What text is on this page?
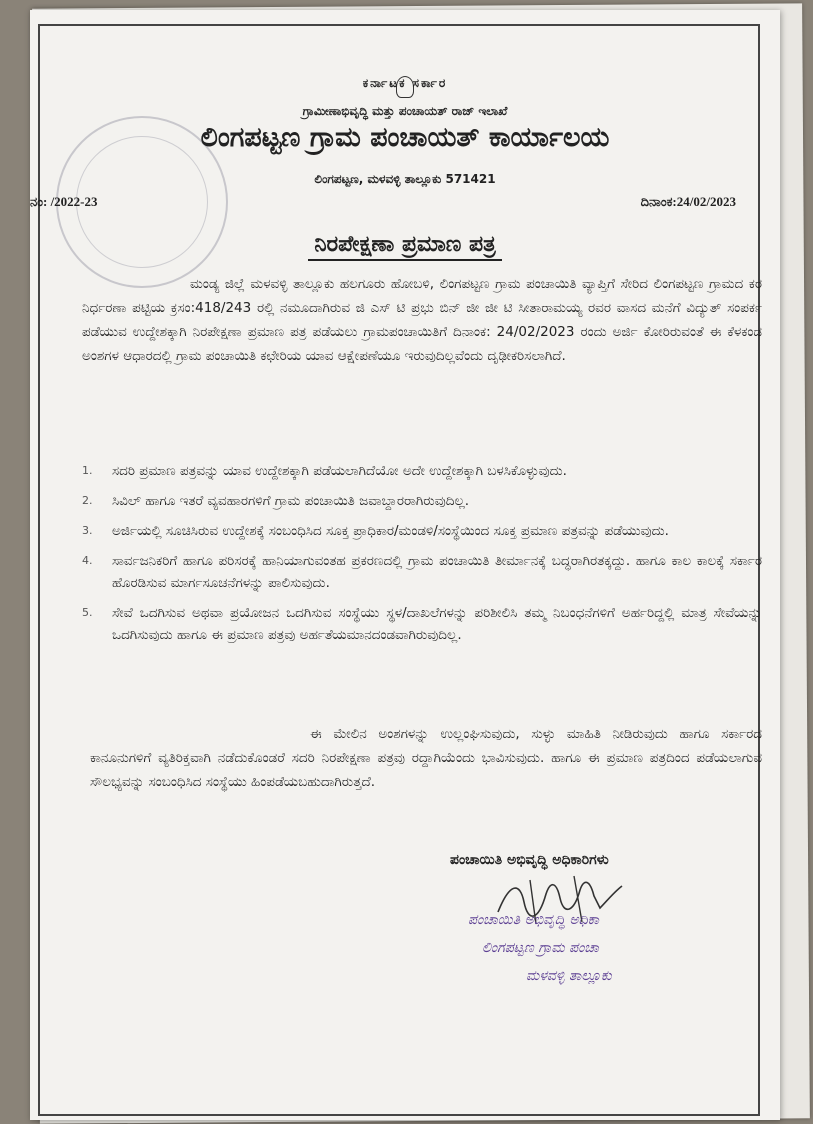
ಕರ್ನಾಟಕ ಸರ್ಕಾರ
ಗ್ರಾಮೀಣಾಭಿವೃದ್ಧಿ ಮತ್ತು ಪಂಚಾಯತ್ ರಾಜ್ ಇಲಾಖೆ
ಲಿಂಗಪಟ್ಟಣ ಗ್ರಾಮ ಪಂಚಾಯತ್ ಕಾರ್ಯಾಲಯ
ಲಿಂಗಪಟ್ಟಣ, ಮಳವಳ್ಳಿ ತಾಲ್ಲೂಕು 571421
ನಂ: /2022-23	ದಿನಾಂಕ:24/02/2023
ನಿರಪೇಕ್ಷಣಾ ಪ್ರಮಾಣ ಪತ್ರ
ಮಂಡ್ಯ ಜಿಲ್ಲೆ ಮಳವಳ್ಳಿ ತಾಲ್ಲೂಕು ಹಲಗೂರು ಹೋಬಳಿ, ಲಿಂಗಪಟ್ಟಣ ಗ್ರಾಮ ಪಂಚಾಯಿತಿ ವ್ಯಾಪ್ತಿಗೆ ಸೇರಿದ ಲಿಂಗಪಟ್ಟಣ ಗ್ರಾಮದ ಕರ ನಿರ್ಧರಣಾ ಪಟ್ಟಿಯ ಕ್ರಸಂ:418/243 ರಲ್ಲಿ ನಮೂದಾಗಿರುವ ಜಿ ಎಸ್ ಟಿ ಪ್ರಭು ಬಿನ್ ಜೀ ಜೀ ಟಿ ಸೀತಾರಾಮಯ್ಯ ರವರ ವಾಸದ ಮನೆಗೆ ವಿದ್ಯುತ್ ಸಂಪರ್ಕ ಪಡೆಯುವ ಉದ್ದೇಶಕ್ಕಾಗಿ ನಿರಪೇಕ್ಷಣಾ ಪ್ರಮಾಣ ಪತ್ರ ಪಡೆಯಲು ಗ್ರಾಮಪಂಚಾಯಿತಿಗೆ ದಿನಾಂಕ: 24/02/2023 ರಂದು ಅರ್ಜಿ ಕೋರಿರುವಂತೆ ಈ ಕೆಳಕಂಡ ಅಂಶಗಳ ಆಧಾರದಲ್ಲಿ ಗ್ರಾಮ ಪಂಚಾಯಿತಿ ಕಛೇರಿಯ ಯಾವ ಆಕ್ಷೇಪಣೆಯೂ ಇರುವುದಿಲ್ಲವೆಂದು ದೃಢೀಕರಿಸಲಾಗಿದೆ.
1. ಸದರಿ ಪ್ರಮಾಣ ಪತ್ರವನ್ನು ಯಾವ ಉದ್ದೇಶಕ್ಕಾಗಿ ಪಡೆಯಲಾಗಿದೆಯೋ ಅದೇ ಉದ್ದೇಶಕ್ಕಾಗಿ ಬಳಸಿಕೊಳ್ಳುವುದು.
2. ಸಿವಿಲ್ ಹಾಗೂ ಇತರೆ ವ್ಯವಹಾರಗಳಿಗೆ ಗ್ರಾಮ ಪಂಚಾಯಿತಿ ಜವಾಬ್ದಾರರಾಗಿರುವುದಿಲ್ಲ.
3. ಅರ್ಜಿಯಲ್ಲಿ ಸೂಚಿಸಿರುವ ಉದ್ದೇಶಕ್ಕೆ ಸಂಬಂಧಿಸಿದ ಸೂಕ್ತ ಪ್ರಾಧಿಕಾರ/ಮಂಡಳಿ/ಸಂಸ್ಥೆಯಿಂದ ಸೂಕ್ತ ಪ್ರಮಾಣ ಪತ್ರವನ್ನು ಪಡೆಯುವುದು.
4. ಸಾರ್ವಜನಿಕರಿಗೆ ಹಾಗೂ ಪರಿಸರಕ್ಕೆ ಹಾನಿಯಾಗುವಂತಹ ಪ್ರಕರಣದಲ್ಲಿ ಗ್ರಾಮ ಪಂಚಾಯಿತಿ ತೀರ್ಮಾನಕ್ಕೆ ಬದ್ಧರಾಗಿರತಕ್ಕದ್ದು. ಹಾಗೂ ಕಾಲ ಕಾಲಕ್ಕೆ ಸರ್ಕಾರ ಹೊರಡಿಸುವ ಮಾರ್ಗಸೂಚನೆಗಳನ್ನು ಪಾಲಿಸುವುದು.
5. ಸೇವೆ ಒದಗಿಸುವ ಅಥವಾ ಪ್ರಯೋಜನ ಒದಗಿಸುವ ಸಂಸ್ಥೆಯು ಸ್ಥಳ/ದಾಖಲೆಗಳನ್ನು ಪರಿಶೀಲಿಸಿ ತಮ್ಮ ನಿಬಂಧನೆಗಳಿಗೆ ಅರ್ಹರಿದ್ದಲ್ಲಿ ಮಾತ್ರ ಸೇವೆಯನ್ನು ಒದಗಿಸುವುದು ಹಾಗೂ ಈ ಪ್ರಮಾಣ ಪತ್ರವು ಅರ್ಹತೆಯಮಾನದಂಡವಾಗಿರುವುದಿಲ್ಲ.
ಈ ಮೇಲಿನ ಅಂಶಗಳನ್ನು ಉಲ್ಲಂಘಿಸುವುದು, ಸುಳ್ಳು ಮಾಹಿತಿ ನೀಡಿರುವುದು ಹಾಗೂ ಸರ್ಕಾರದ ಕಾನೂನುಗಳಿಗೆ ವ್ಯತಿರಿಕ್ತವಾಗಿ ನಡೆದುಕೊಂಡರೆ ಸದರಿ ನಿರಪೇಕ್ಷಣಾ ಪತ್ರವು ರದ್ದಾಗಿಯೆಂದು ಭಾವಿಸುವುದು. ಹಾಗೂ ಈ ಪ್ರಮಾಣ ಪತ್ರದಿಂದ ಪಡೆಯಲಾಗುವ ಸೌಲಭ್ಯವನ್ನು ಸಂಬಂಧಿಸಿದ ಸಂಸ್ಥೆಯು ಹಿಂಪಡೆಯಬಹುದಾಗಿರುತ್ತದೆ.
ಪಂಚಾಯಿತಿ ಅಭಿವೃದ್ಧಿ ಅಧಿಕಾರಿಗಳು
ಪಂಚಾಯಿತಿ ಅಭಿವೃದ್ಧಿ ಅಧಿಕಾ
ಲಿಂಗಪಟ್ಟಣ ಗ್ರಾಮ ಪಂಚಾ
ಮಳವಳ್ಳಿ ತಾಲ್ಲೂಕು
